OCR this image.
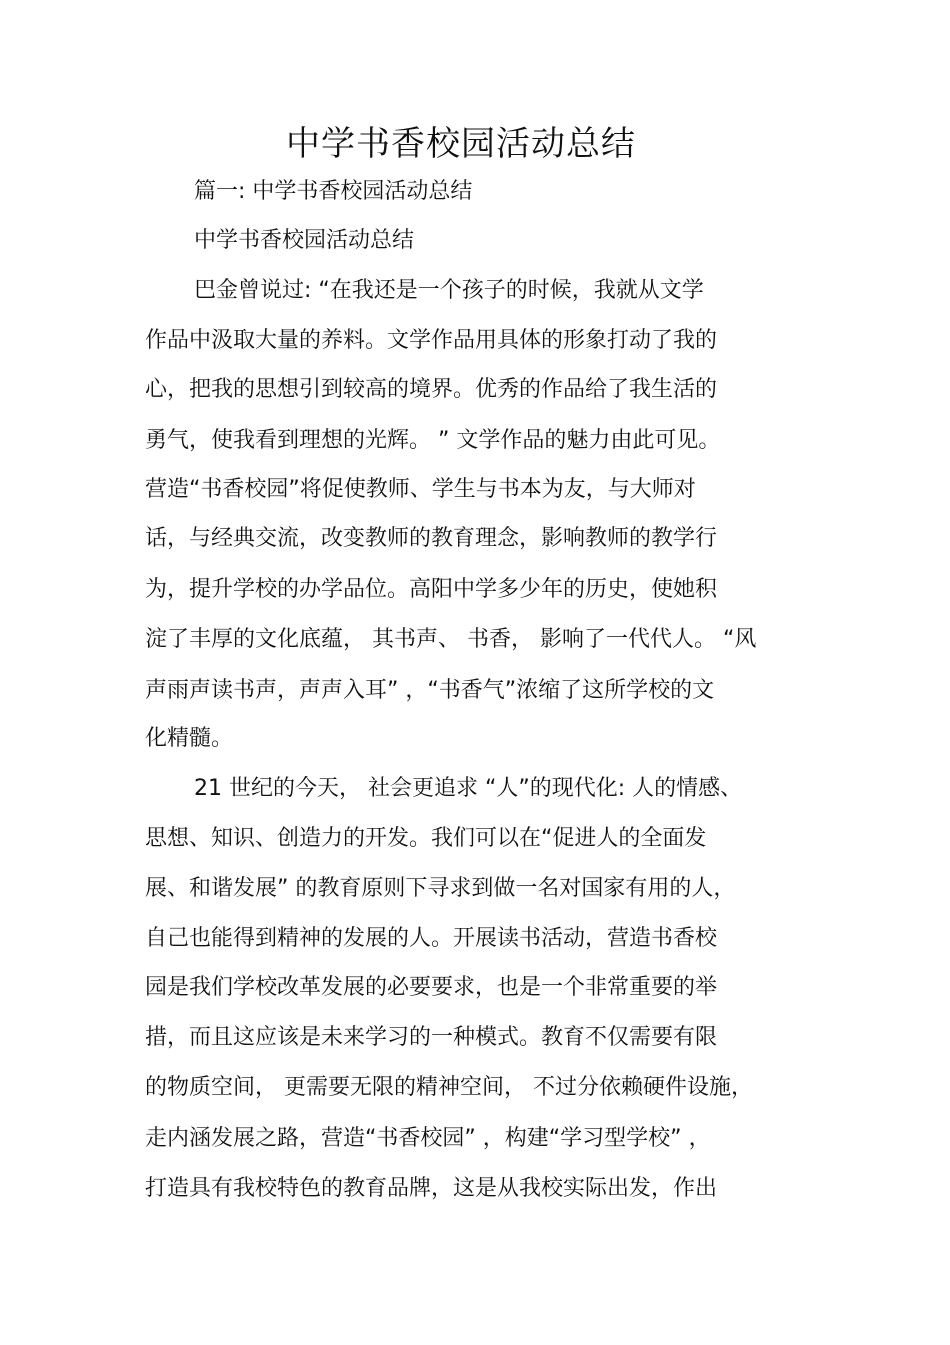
中学书香校园活动总结
篇一: 中学书香校园活动总结
中学书香校园活动总结
巴金曾说过: “在我还是一个孩子的时候，我就从文学
作品中汲取大量的养料。文学作品用具体的形象打动了我的
心，把我的思想引到较高的境界。优秀的作品给了我生活的
勇气，使我看到理想的光辉。 ” 文学作品的魅力由此可见。
营造“书香校园”将促使教师、学生与书本为友，与大师对
话，与经典交流，改变教师的教育理念，影响教师的教学行
为，提升学校的办学品位。高阳中学多少年的历史，使她积
淀了丰厚的文化底蕴， 其书声、 书香， 影响了一代代人。 “风
声雨声读书声，声声入耳” ，“书香气”浓缩了这所学校的文
化精髓。
21 世纪的今天， 社会更追求 “人”的现代化: 人的情感、
思想、知识、创造力的开发。我们可以在“促进人的全面发
展、和谐发展” 的教育原则下寻求到做一名对国家有用的人，
自己也能得到精神的发展的人。开展读书活动，营造书香校
园是我们学校改革发展的必要要求，也是一个非常重要的举
措，而且这应该是未来学习的一种模式。教育不仅需要有限
的物质空间， 更需要无限的精神空间， 不过分依赖硬件设施，
走内涵发展之路，营造“书香校园” ，构建“学习型学校” ，
打造具有我校特色的教育品牌，这是从我校实际出发，作出
